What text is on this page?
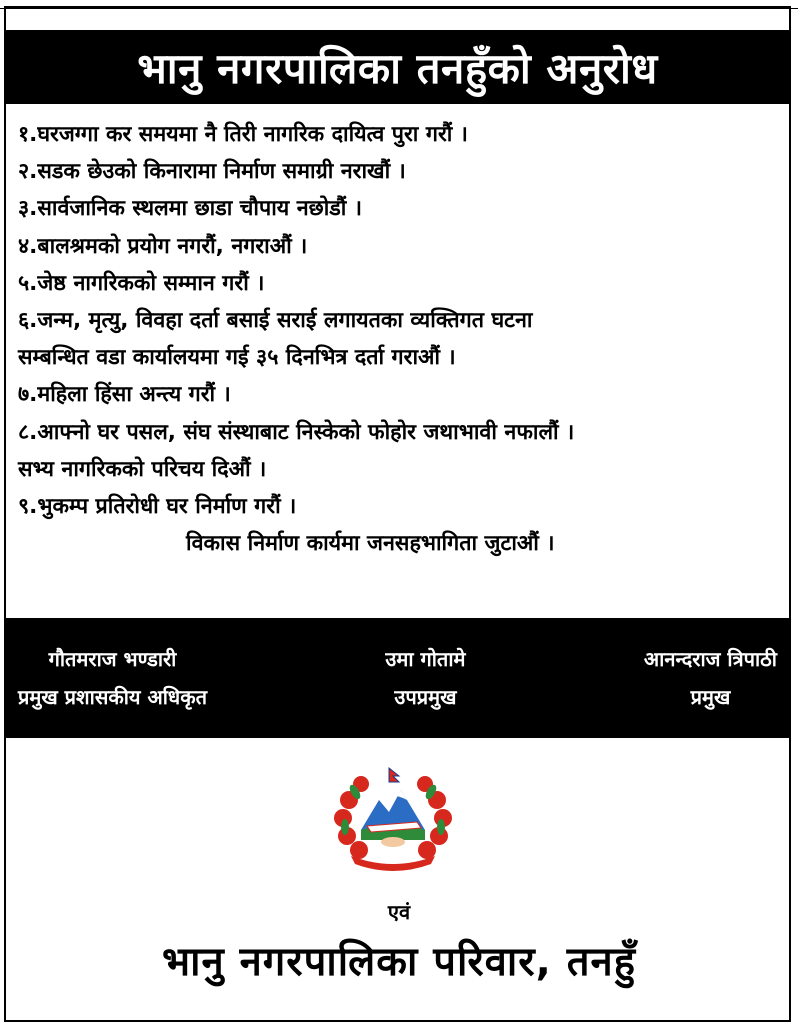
भानु नगरपालिका तनहुँको अनुरोध
१.घरजग्गा कर समयमा नै तिरी नागरिक दायित्व पुरा गरौं ।
२.सडक छेउको किनारामा निर्माण समाग्री नराखौं ।
३.सार्वजानिक स्थलमा छाडा चौपाय नछोडौं ।
४.बालश्रमको प्रयोग नगरौं, नगराऔं ।
५.जेष्ठ नागरिकको सम्मान गरौं ।
६.जन्म, मृत्यु, विवहा दर्ता बसाई सराई लगायतका व्यक्तिगत घटना
सम्बन्धित वडा कार्यालयमा गई ३५ दिनभित्र दर्ता गराऔं ।
७.महिला हिंसा अन्त्य गरौं ।
८.आफ्नो घर पसल, संघ संस्थाबाट निस्केको फोहोर जथाभावी नफालौं ।
सभ्य नागरिकको परिचय दिऔं ।
९.भुकम्प प्रतिरोधी घर निर्माण गरौं ।
विकास निर्माण कार्यमा जनसहभागिता जुटाऔं ।
गौतमराज भण्डारी
प्रमुख प्रशासकीय अधिकृत
उमा गोतामे
उपप्रमुख
आनन्दराज त्रिपाठी
प्रमुख
एवं
भानु नगरपालिका परिवार, तनहुँ
